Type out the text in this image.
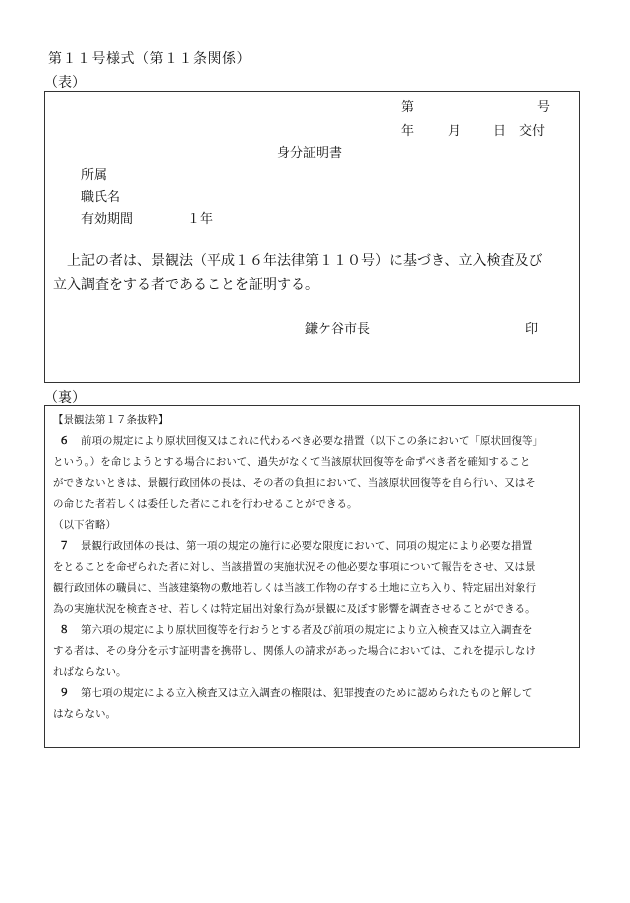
第１１号様式（第１１条関係）
（表）
第	号
年	月 日 交付
身分証明書
所属
職氏名
有効期間	１年
上記の者は、景観法（平成１６年法律第１１０号）に基づき、立入検査及び
立入調査をする者であることを証明する。
鎌ケ谷市長	印
（裏）
【景観法第１７条抜粋】
６ 前項の規定により原状回復又はこれに代わるべき必要な措置（以下この条において「原状回復等」
という。）を命じようとする場合において、過失がなくて当該原状回復等を命ずべき者を確知すること
ができないときは、景観行政団体の長は、その者の負担において、当該原状回復等を自ら行い、又はそ
の命じた者若しくは委任した者にこれを行わせることができる。
（以下省略）
７ 景観行政団体の長は、第一項の規定の施行に必要な限度において、同項の規定により必要な措置
をとることを命ぜられた者に対し、当該措置の実施状況その他必要な事項について報告をさせ、又は景
観行政団体の職員に、当該建築物の敷地若しくは当該工作物の存する土地に立ち入り、特定届出対象行
為の実施状況を検査させ、若しくは特定届出対象行為が景観に及ぼす影響を調査させることができる。
８ 第六項の規定により原状回復等を行おうとする者及び前項の規定により立入検査又は立入調査を
する者は、その身分を示す証明書を携帯し、関係人の請求があった場合においては、これを提示しなけ
ればならない。
９ 第七項の規定による立入検査又は立入調査の権限は、犯罪捜査のために認められたものと解して
はならない。
